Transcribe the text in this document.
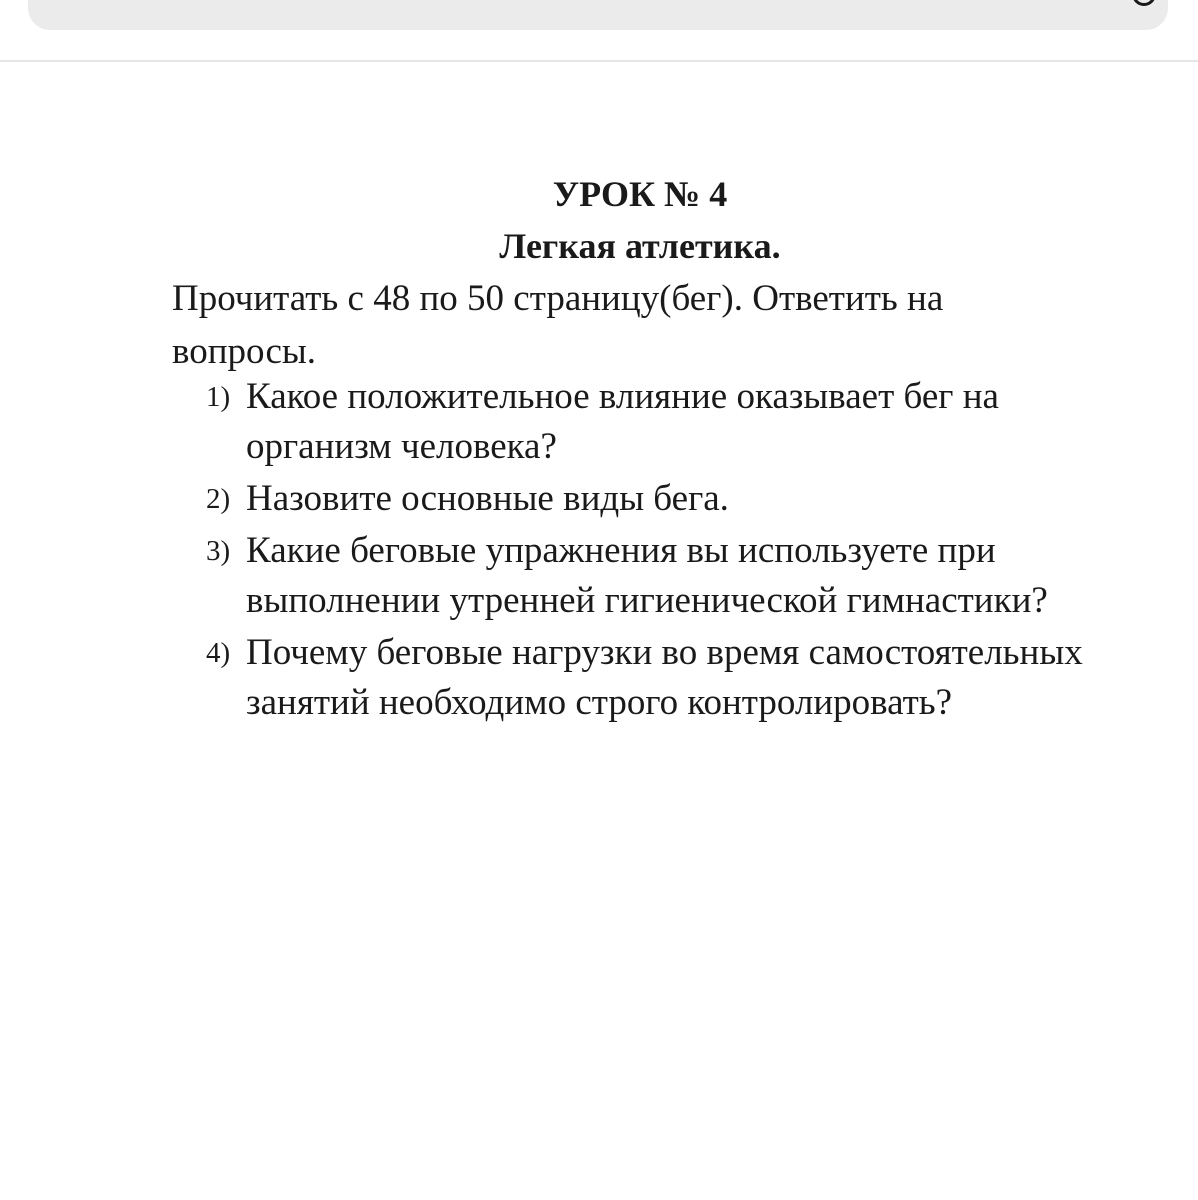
УРОК № 4
Легкая атлетика.
Прочитать с 48 по 50 страницу(бег). Ответить на вопросы.
1) Какое положительное влияние оказывает бег на организм человека?
2) Назовите основные виды бега.
3) Какие беговые упражнения вы используете при выполнении утренней гигиенической гимнастики?
4) Почему беговые нагрузки во время самостоятельных занятий необходимо строго контролировать?
